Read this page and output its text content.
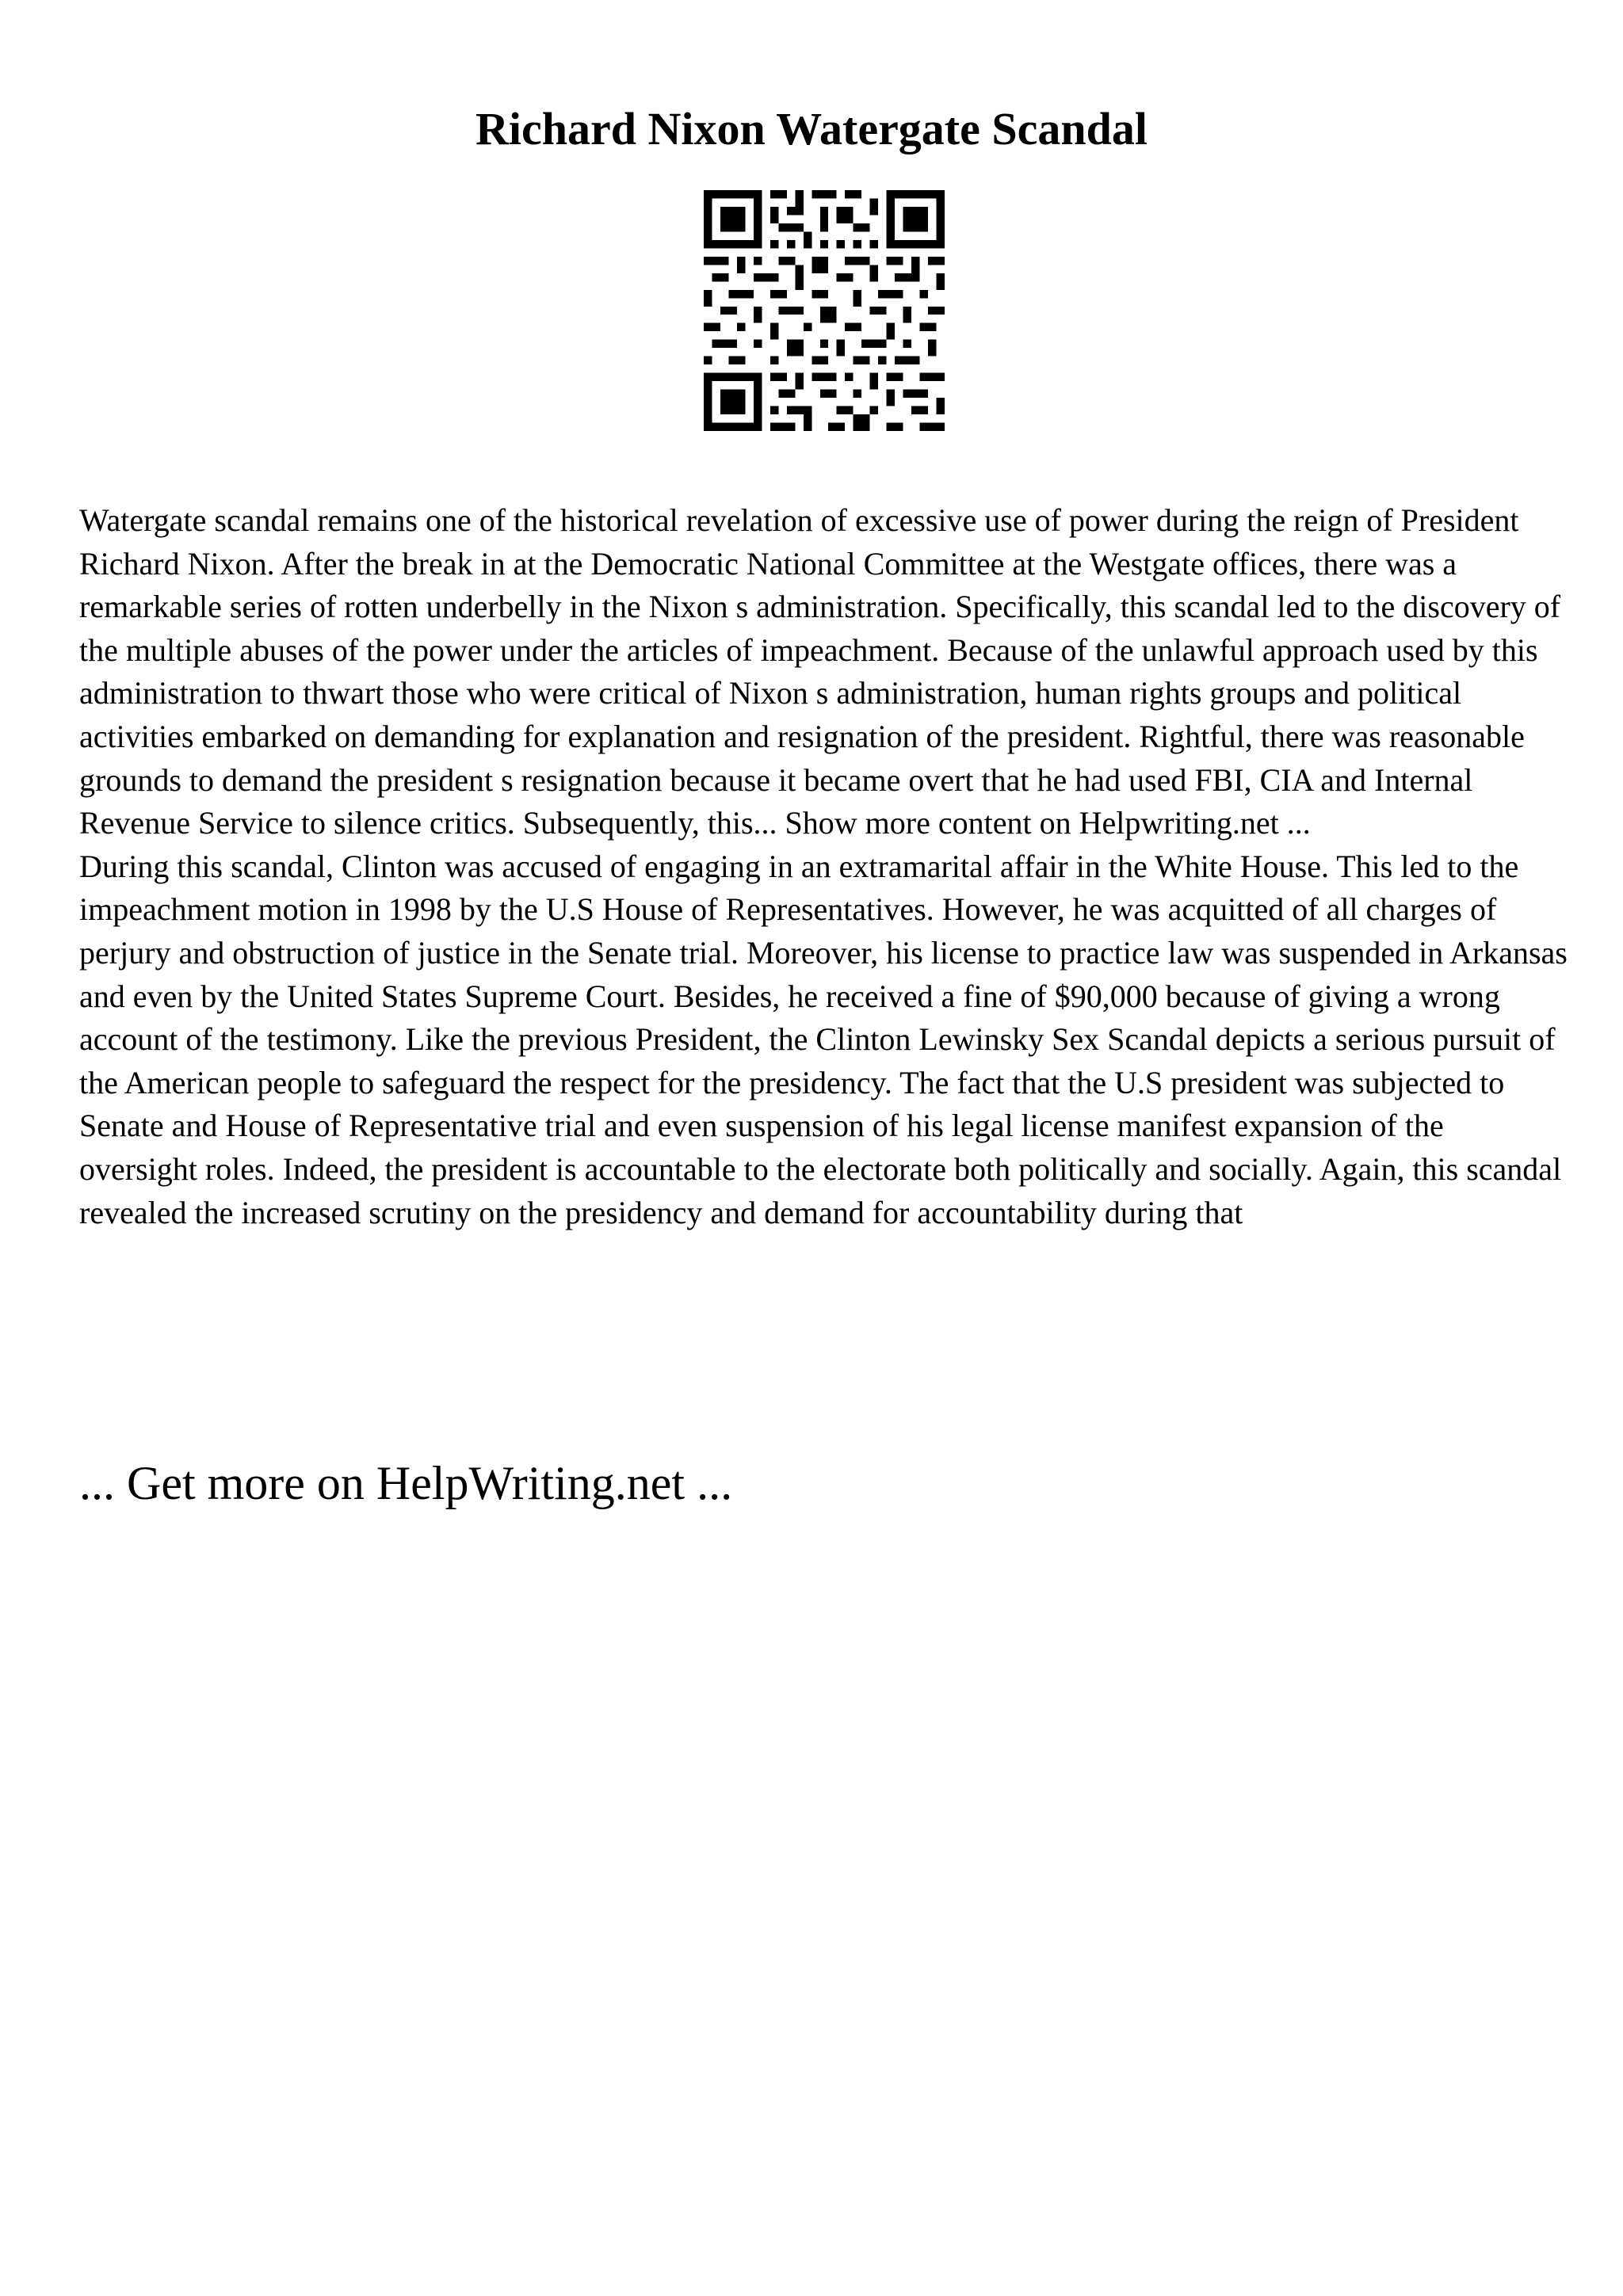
Richard Nixon Watergate Scandal

Watergate scandal remains one of the historical revelation of excessive use of power during the reign of President Richard Nixon. After the break in at the Democratic National Committee at the Westgate offices, there was a remarkable series of rotten underbelly in the Nixon s administration. Specifically, this scandal led to the discovery of the multiple abuses of the power under the articles of impeachment. Because of the unlawful approach used by this administration to thwart those who were critical of Nixon s administration, human rights groups and political activities embarked on demanding for explanation and resignation of the president. Rightful, there was reasonable grounds to demand the president s resignation because it became overt that he had used FBI, CIA and Internal Revenue Service to silence critics. Subsequently, this... Show more content on Helpwriting.net ...

During this scandal, Clinton was accused of engaging in an extramarital affair in the White House. This led to the impeachment motion in 1998 by the U.S House of Representatives. However, he was acquitted of all charges of perjury and obstruction of justice in the Senate trial. Moreover, his license to practice law was suspended in Arkansas and even by the United States Supreme Court. Besides, he received a fine of $90,000 because of giving a wrong account of the testimony. Like the previous President, the Clinton Lewinsky Sex Scandal depicts a serious pursuit of the American people to safeguard the respect for the presidency. The fact that the U.S president was subjected to Senate and House of Representative trial and even suspension of his legal license manifest expansion of the oversight roles. Indeed, the president is accountable to the electorate both politically and socially. Again, this scandal revealed the increased scrutiny on the presidency and demand for accountability during that

... Get more on HelpWriting.net ...
